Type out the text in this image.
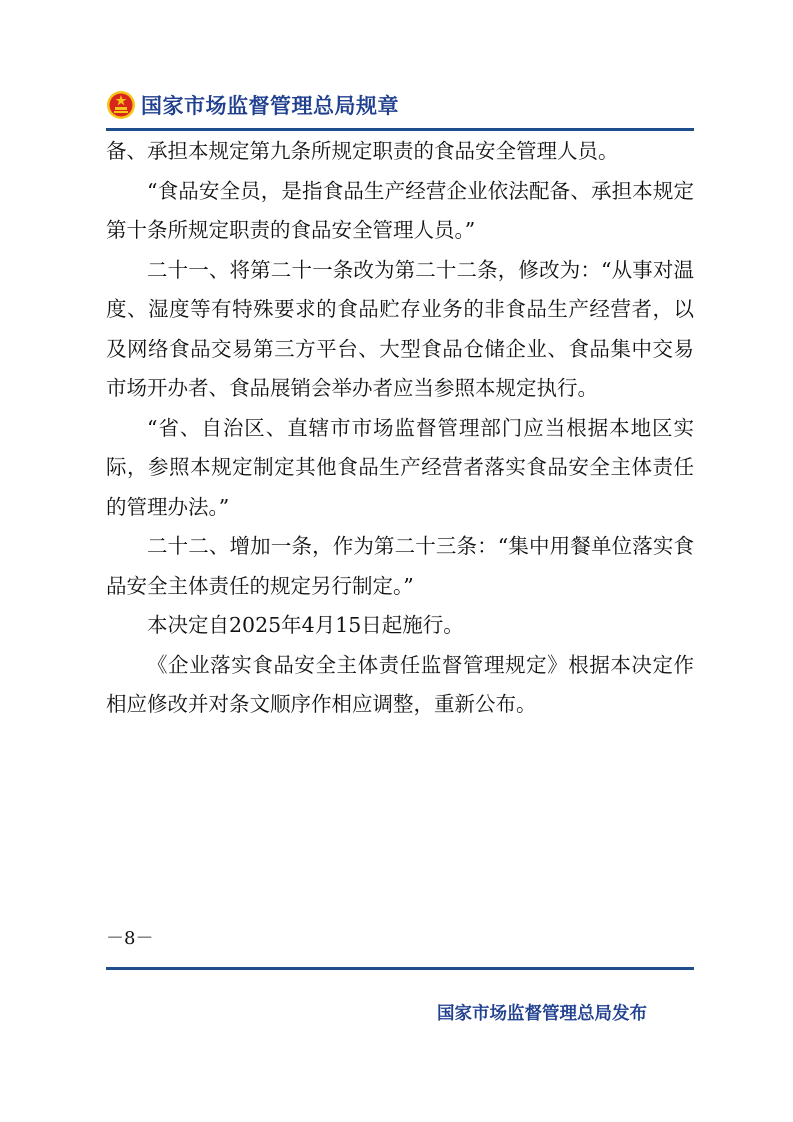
国家市场监督管理总局规章

备、承担本规定第九条所规定职责的食品安全管理人员。

“食品安全员，是指食品生产经营企业依法配备、承担本规定第十条所规定职责的食品安全管理人员。”

二十一、将第二十一条改为第二十二条，修改为：“从事对温度、湿度等有特殊要求的食品贮存业务的非食品生产经营者，以及网络食品交易第三方平台、大型食品仓储企业、食品集中交易市场开办者、食品展销会举办者应当参照本规定执行。

“省、自治区、直辖市市场监督管理部门应当根据本地区实际，参照本规定制定其他食品生产经营者落实食品安全主体责任的管理办法。”

二十二、增加一条，作为第二十三条：“集中用餐单位落实食品安全主体责任的规定另行制定。”

本决定自2025年4月15日起施行。

《企业落实食品安全主体责任监督管理规定》根据本决定作相应修改并对条文顺序作相应调整，重新公布。

－8－
国家市场监督管理总局发布
